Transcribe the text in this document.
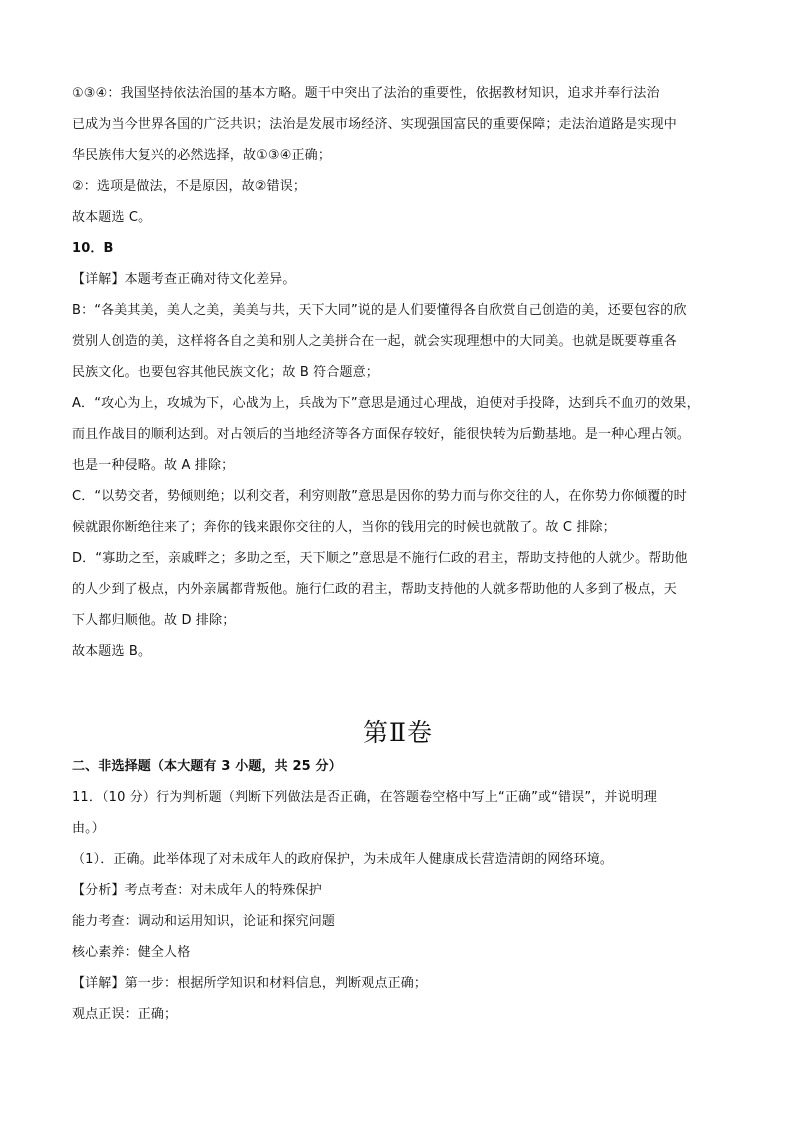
①③④：我国坚持依法治国的基本方略。题干中突出了法治的重要性，依据教材知识，追求并奉行法治
已成为当今世界各国的广泛共识；法治是发展市场经济、实现强国富民的重要保障；走法治道路是实现中
华民族伟大复兴的必然选择，故①③④正确；
②：选项是做法，不是原因，故②错误；
故本题选 C。
10．B
【详解】本题考查正确对待文化差异。
B：“各美其美，美人之美，美美与共，天下大同”说的是人们要懂得各自欣赏自己创造的美，还要包容的欣
赏别人创造的美，这样将各自之美和别人之美拼合在一起，就会实现理想中的大同美。也就是既要尊重各
民族文化。也要包容其他民族文化；故 B 符合题意；
A．“攻心为上，攻城为下，心战为上，兵战为下”意思是通过心理战，迫使对手投降，达到兵不血刃的效果，
而且作战目的顺利达到。对占领后的当地经济等各方面保存较好，能很快转为后勤基地。是一种心理占领。
也是一种侵略。故 A 排除；
C．“以势交者，势倾则绝；以利交者，利穷则散”意思是因你的势力而与你交往的人，在你势力你倾覆的时
候就跟你断绝往来了；奔你的钱来跟你交往的人，当你的钱用完的时候也就散了。故 C 排除；
D．“寡助之至，亲戚畔之；多助之至，天下顺之”意思是不施行仁政的君主，帮助支持他的人就少。帮助他
的人少到了极点，内外亲属都背叛他。施行仁政的君主，帮助支持他的人就多帮助他的人多到了极点，天
下人都归顺他。故 D 排除；
故本题选 B。
第Ⅱ卷
二、非选择题（本大题有 3 小题，共 25 分）
11．（10 分）行为判析题（判断下列做法是否正确，在答题卷空格中写上“正确”或“错误”，并说明理
由。）
（1）．正确。此举体现了对未成年人的政府保护，为未成年人健康成长营造清朗的网络环境。
【分析】考点考查：对未成年人的特殊保护
能力考查：调动和运用知识，论证和探究问题
核心素养：健全人格
【详解】第一步：根据所学知识和材料信息，判断观点正确；
观点正误：正确；
